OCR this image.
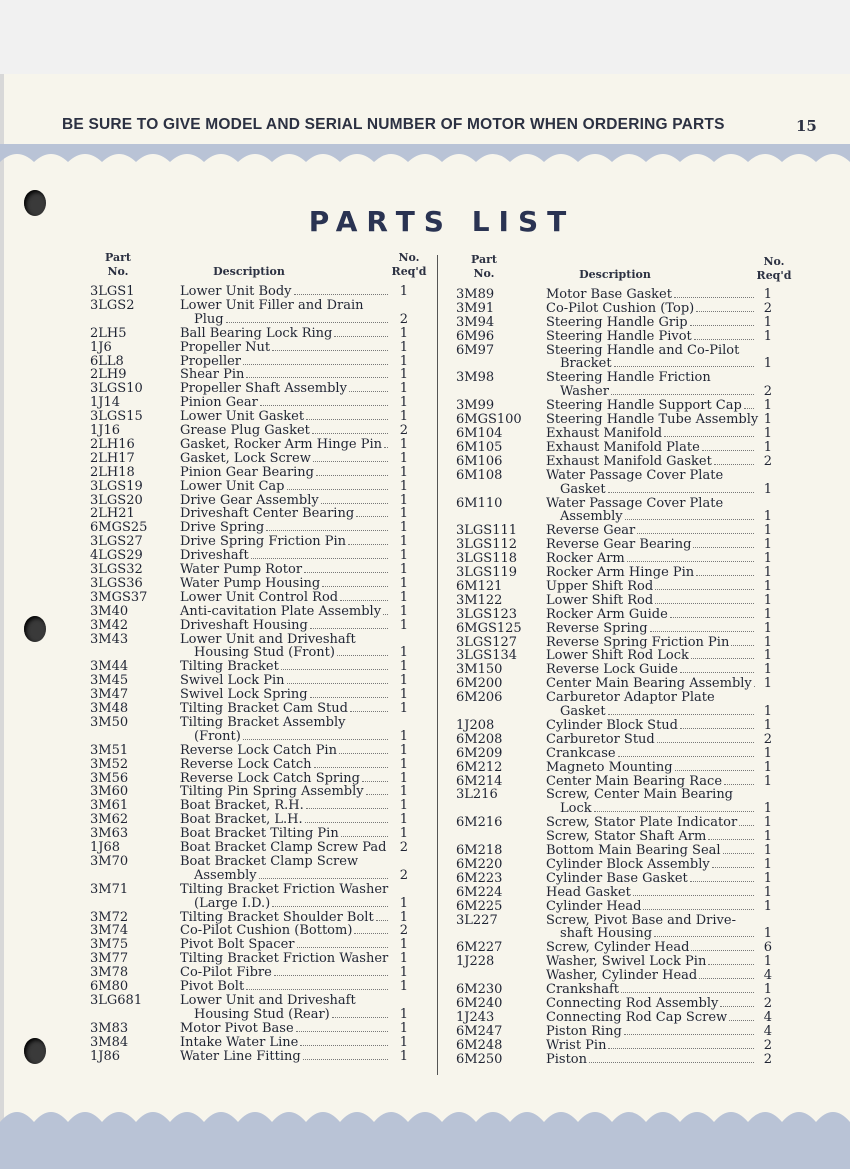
BE SURE TO GIVE MODEL AND SERIAL NUMBER OF MOTOR WHEN ORDERING PARTS	15
PARTS LIST
Part
No.	Description
No.
Req'd
Part
No.	Description
No.
Req'd
3LGS1	Lower Unit Body	1
3LGS2	Lower Unit Filler and Drain
Plug	2
2LH5	Ball Bearing Lock Ring	1
1J6	Propeller Nut	1
6LL8	Propeller	1
2LH9	Shear Pin	1
3LGS10	Propeller Shaft Assembly	1
1J14	Pinion Gear	1
3LGS15	Lower Unit Gasket	1
1J16	Grease Plug Gasket	2
2LH16	Gasket, Rocker Arm Hinge Pin	1
2LH17	Gasket, Lock Screw	1
2LH18	Pinion Gear Bearing	1
3LGS19	Lower Unit Cap	1
3LGS20	Drive Gear Assembly	1
2LH21	Driveshaft Center Bearing	1
6MGS25	Drive Spring	1
3LGS27	Drive Spring Friction Pin	1
4LGS29	Driveshaft	1
3LGS32	Water Pump Rotor	1
3LGS36	Water Pump Housing	1
3MGS37	Lower Unit Control Rod	1
3M40	Anti-cavitation Plate Assembly	1
3M42	Driveshaft Housing	1
3M43	Lower Unit and Driveshaft
Housing Stud (Front)	1
3M44	Tilting Bracket	1
3M45	Swivel Lock Pin	1
3M47	Swivel Lock Spring	1
3M48	Tilting Bracket Cam Stud	1
3M50	Tilting Bracket Assembly
(Front)	1
3M51	Reverse Lock Catch Pin	1
3M52	Reverse Lock Catch	1
3M56	Reverse Lock Catch Spring	1
3M60	Tilting Pin Spring Assembly	1
3M61	Boat Bracket, R.H.	1
3M62	Boat Bracket, L.H.	1
3M63	Boat Bracket Tilting Pin	1
1J68	Boat Bracket Clamp Screw Pad	2
3M70	Boat Bracket Clamp Screw
Assembly	2
3M71	Tilting Bracket Friction Washer
(Large I.D.)	1
3M72	Tilting Bracket Shoulder Bolt	1
3M74	Co-Pilot Cushion (Bottom)	2
3M75	Pivot Bolt Spacer	1
3M77	Tilting Bracket Friction Washer 1
3M78	Co-Pilot Fibre	1
6M80	Pivot Bolt	1
3LG681	Lower Unit and Driveshaft
Housing Stud (Rear)	1
3M83	Motor Pivot Base	1
3M84	Intake Water Line	1
1J86	Water Line Fitting	1
3M89	Motor Base Gasket	1
3M91	Co-Pilot Cushion (Top)	2
3M94	Steering Handle Grip	1
6M96	Steering Handle Pivot	1
6M97	Steering Handle and Co-Pilot
Bracket	1
3M98	Steering Handle Friction
Washer	2
3M99	Steering Handle Support Cap	1
6MGS100 Steering Handle Tube Assembly 1
6M104	Exhaust Manifold	1
6M105	Exhaust Manifold Plate	1
6M106	Exhaust Manifold Gasket	2
6M108	Water Passage Cover Plate
Gasket	1
6M110	Water Passage Cover Plate
Assembly	1
3LGS111 Reverse Gear	1
3LGS112 Reverse Gear Bearing	1
3LGS118 Rocker Arm	1
3LGS119 Rocker Arm Hinge Pin	1
6M121	Upper Shift Rod	1
3M122	Lower Shift Rod	1
3LGS123 Rocker Arm Guide	1
6MGS125 Reverse Spring	1
3LGS127 Reverse Spring Friction Pin	1
3LGS134 Lower Shift Rod Lock	1
3M150	Reverse Lock Guide	1
6M200	Center Main Bearing Assembly 1
6M206	Carburetor Adaptor Plate
Gasket	1
1J208	Cylinder Block Stud	1
6M208	Carburetor Stud	2
6M209	Crankcase	1
6M212	Magneto Mounting	1
6M214	Center Main Bearing Race	1
3L216	Screw, Center Main Bearing
Lock	1
6M216	Screw, Stator Plate Indicator	1
Screw, Stator Shaft Arm	1
6M218	Bottom Main Bearing Seal	1
6M220	Cylinder Block Assembly	1
6M223	Cylinder Base Gasket	1
6M224	Head Gasket	1
6M225	Cylinder Head	1
3L227	Screw, Pivot Base and Drive-
shaft Housing	1
6M227	Screw, Cylinder Head	6
1J228	Washer, Swivel Lock Pin	1
Washer, Cylinder Head	4
6M230	Crankshaft	1
6M240	Connecting Rod Assembly	2
1J243	Connecting Rod Cap Screw	4
6M247	Piston Ring	4
6M248	Wrist Pin	2
6M250	Piston	2
